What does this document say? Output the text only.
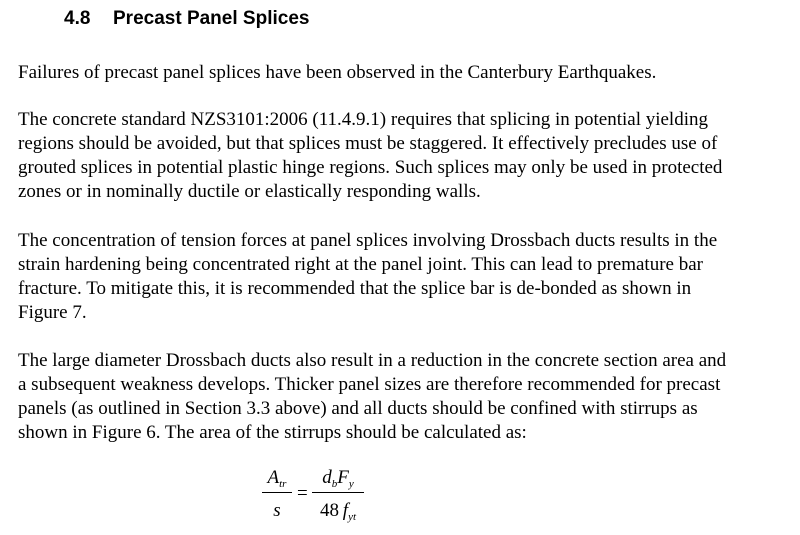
4.8 Precast Panel Splices
Failures of precast panel splices have been observed in the Canterbury Earthquakes.
The concrete standard NZS3101:2006 (11.4.9.1) requires that splicing in potential yielding
regions should be avoided, but that splices must be staggered. It effectively precludes use of
grouted splices in potential plastic hinge regions. Such splices may only be used in protected
zones or in nominally ductile or elastically responding walls.
The concentration of tension forces at panel splices involving Drossbach ducts results in the
strain hardening being concentrated right at the panel joint. This can lead to premature bar
fracture. To mitigate this, it is recommended that the splice bar is de-bonded as shown in
Figure 7.
The large diameter Drossbach ducts also result in a reduction in the concrete section area and
a subsequent weakness develops. Thicker panel sizes are therefore recommended for precast
panels (as outlined in Section 3.3 above) and all ducts should be confined with stirrups as
shown in Figure 6. The area of the stirrups should be calculated as:
$A_{tr}$
s
=
$d_bF_y$
48  $f_{yt}$
